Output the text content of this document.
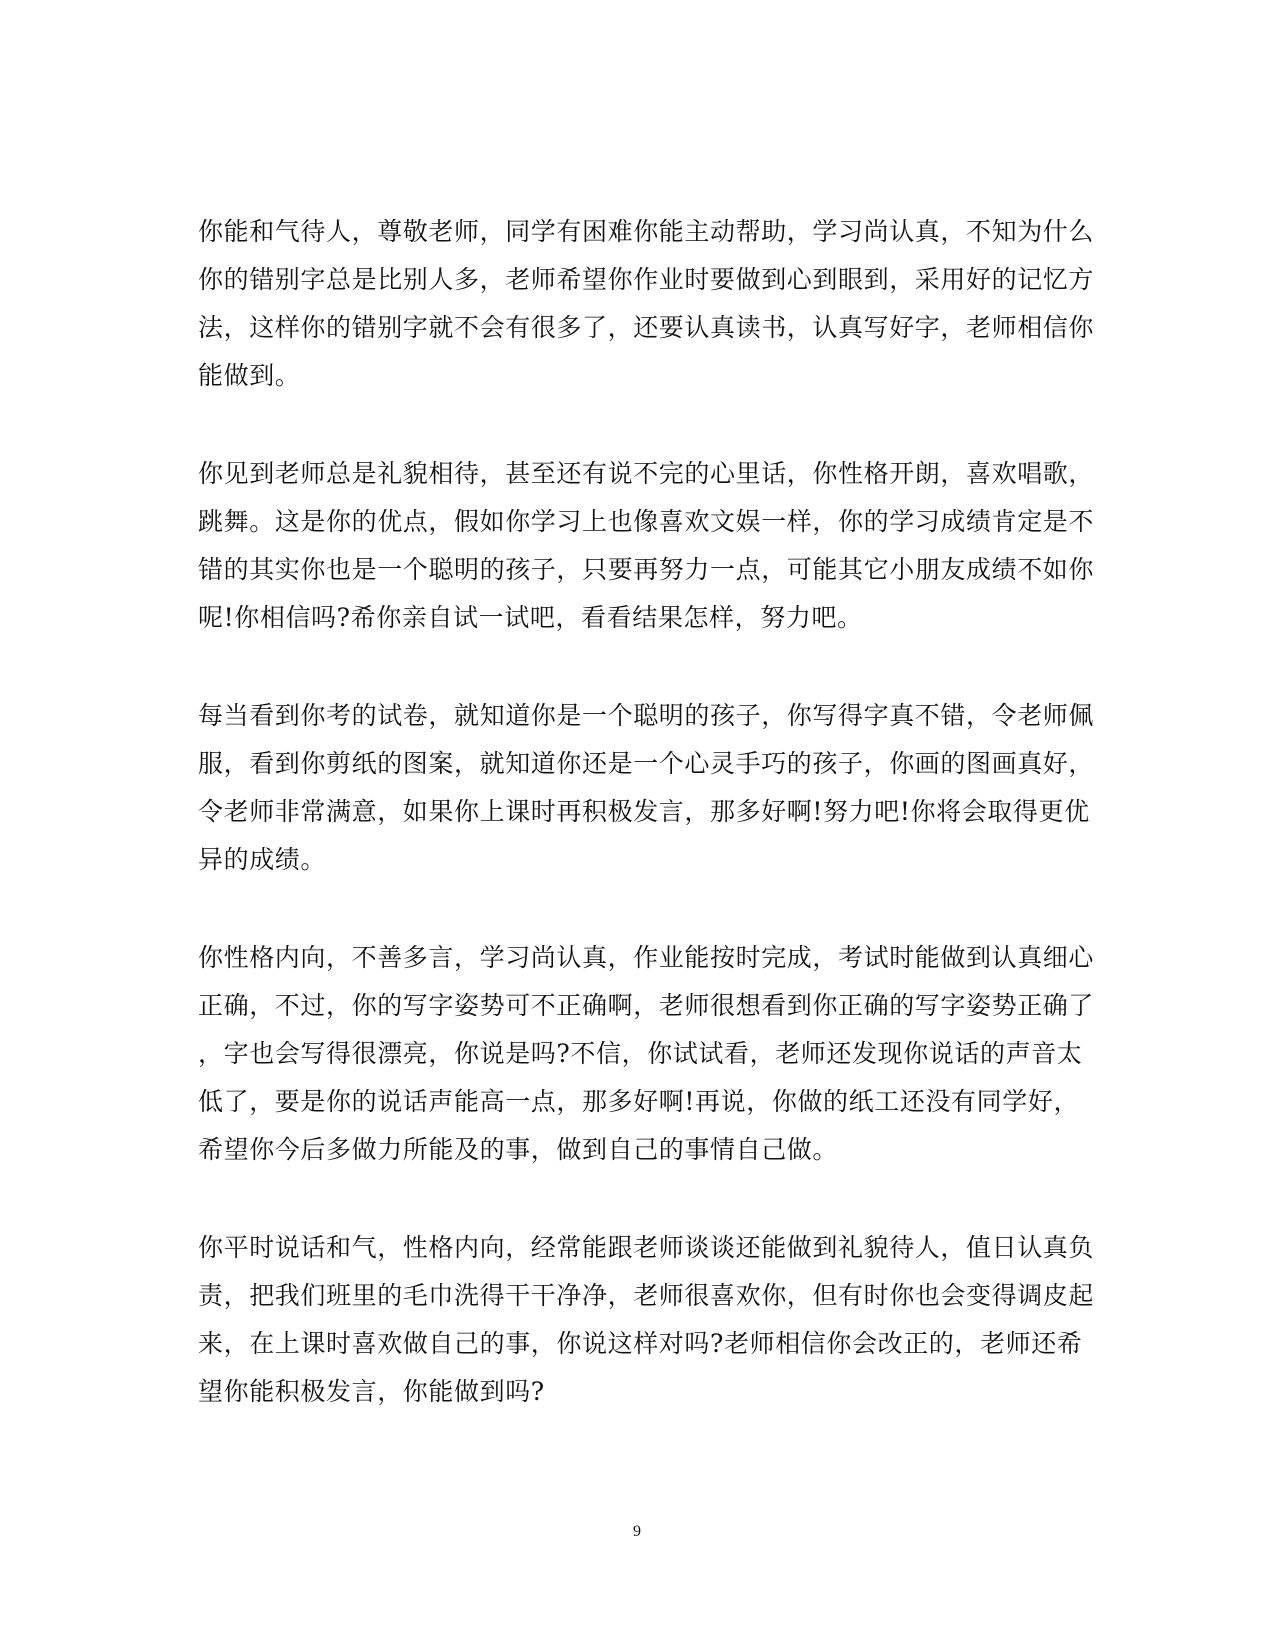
你能和气待人，尊敬老师，同学有困难你能主动帮助，学习尚认真，不知为什么
你的错别字总是比别人多，老师希望你作业时要做到心到眼到，采用好的记忆方
法，这样你的错别字就不会有很多了，还要认真读书，认真写好字，老师相信你
能做到。
你见到老师总是礼貌相待，甚至还有说不完的心里话，你性格开朗，喜欢唱歌，
跳舞。这是你的优点，假如你学习上也像喜欢文娱一样，你的学习成绩肯定是不
错的其实你也是一个聪明的孩子，只要再努力一点，可能其它小朋友成绩不如你
呢!你相信吗?希你亲自试一试吧，看看结果怎样，努力吧。
每当看到你考的试卷，就知道你是一个聪明的孩子，你写得字真不错，令老师佩
服，看到你剪纸的图案，就知道你还是一个心灵手巧的孩子，你画的图画真好，
令老师非常满意，如果你上课时再积极发言，那多好啊!努力吧!你将会取得更优
异的成绩。
你性格内向，不善多言，学习尚认真，作业能按时完成，考试时能做到认真细心
正确，不过，你的写字姿势可不正确啊，老师很想看到你正确的写字姿势正确了
，字也会写得很漂亮，你说是吗?不信，你试试看，老师还发现你说话的声音太
低了，要是你的说话声能高一点，那多好啊!再说，你做的纸工还没有同学好，
希望你今后多做力所能及的事，做到自己的事情自己做。
你平时说话和气，性格内向，经常能跟老师谈谈还能做到礼貌待人，值日认真负
责，把我们班里的毛巾洗得干干净净，老师很喜欢你，但有时你也会变得调皮起
来，在上课时喜欢做自己的事，你说这样对吗?老师相信你会改正的，老师还希
望你能积极发言，你能做到吗?
9
